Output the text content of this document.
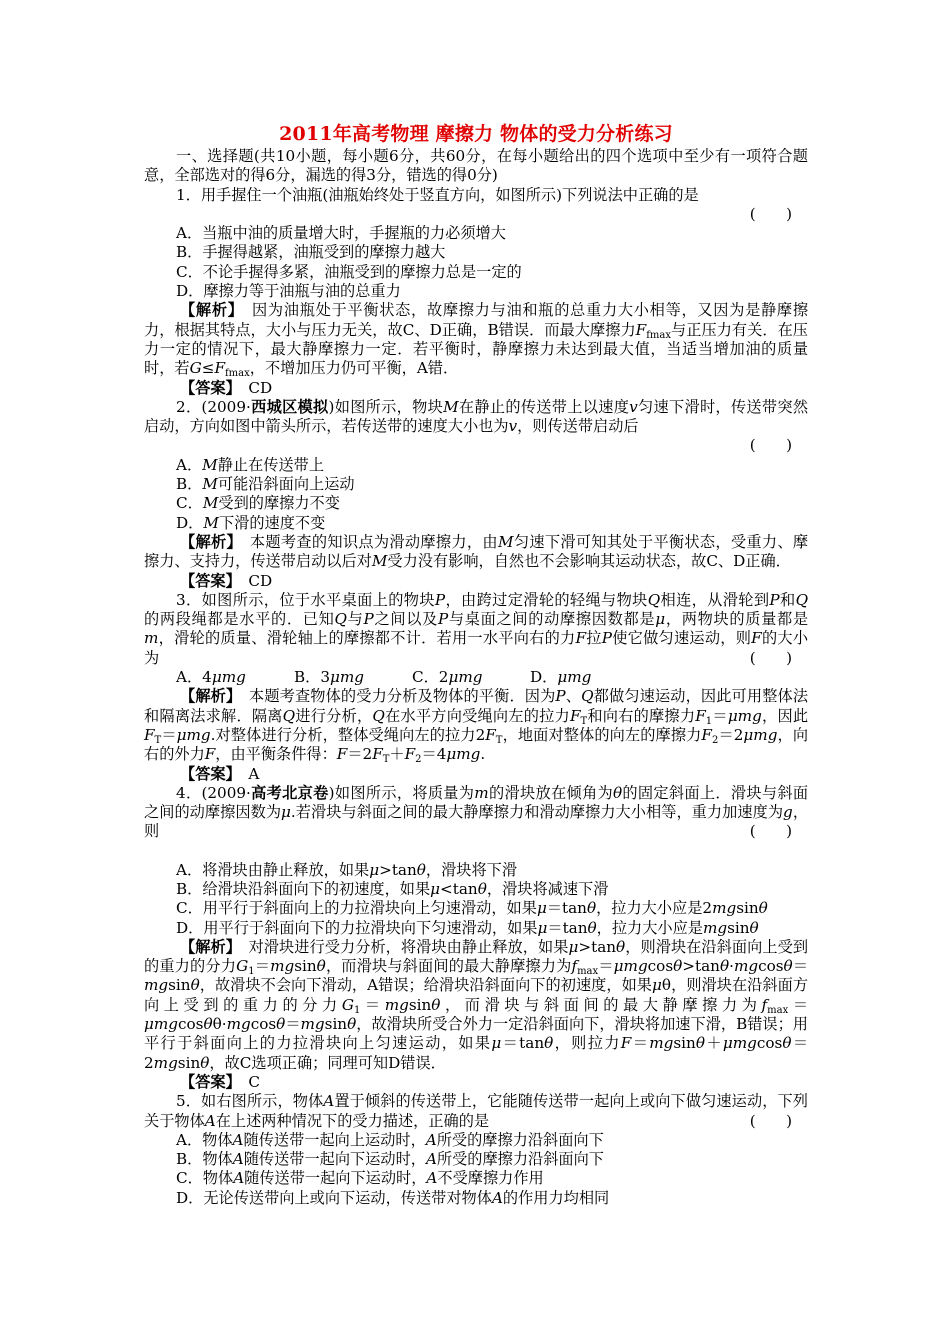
2011年高考物理 摩擦力 物体的受力分析练习

一、选择题(共10小题，每小题6分，共60分，在每小题给出的四个选项中至少有一项符合题意，全部选对的得6分，漏选的得3分，错选的得0分)

1．用手握住一个油瓶(油瓶始终处于竖直方向，如图所示)下列说法中正确的是

(　　)

A．当瓶中油的质量增大时，手握瓶的力必须增大

B．手握得越紧，油瓶受到的摩擦力越大

C．不论手握得多紧，油瓶受到的摩擦力总是一定的

D．摩擦力等于油瓶与油的总重力

【解析】　 因为油瓶处于平衡状态，故摩擦力与油和瓶的总重力大小相等，又因为是静摩擦力，根据其特点，大小与压力无关，故C、D正确，B错误．而最大摩擦力$F_{fmax}$与正压力有关．在压力一定的情况下，最大静摩擦力一定．若平衡时，静摩擦力未达到最大值，当适当增加油的质量时，若$G\le F_{fmax}$，不增加压力仍可平衡，A错．

【答案】　 CD

2．(2009·西城区模拟)如图所示，物块M在静止的传送带上以速度v匀速下滑时，传送带突然启动，方向如图中箭头所示，若传送带的速度大小也为v，则传送带启动后

(　　)

A．M静止在传送带上

B．M可能沿斜面向上运动

C．M受到的摩擦力不变

D．M下滑的速度不变

【解析】　 本题考查的知识点为滑动摩擦力，由M匀速下滑可知其处于平衡状态，受重力、摩擦力、支持力，传送带启动以后对M受力没有影响，自然也不会影响其运动状态，故C、D正确．

【答案】　 CD

3．如图所示，位于水平桌面上的物块P，由跨过定滑轮的轻绳与物块Q相连，从滑轮到P和Q的两段绳都是水平的．已知Q与P之间以及P与桌面之间的动摩擦因数都是μ，两物块的质量都是m，滑轮的质量、滑轮轴上的摩擦都不计．若用一水平向右的力F拉P使它做匀速运动，则F的大小为	(　　)

A．4μmg	B．3μmg	C．2μmg	D．μmg

【解析】　 本题考查物体的受力分析及物体的平衡．因为P、Q都做匀速运动，因此可用整体法和隔离法求解．隔离Q进行分析，Q在水平方向受绳向左的拉力$F_T$和向右的摩擦力$F_1=\mu mg$，因此$F_T=\mu mg$.对整体进行分析，整体受绳向左的拉力$2F_T$，地面对整体的向左的摩擦力$F_2=2\mu mg$，向右的外力F，由平衡条件得：$F=2F_T+F_2=4\mu mg$.

【答案】　 A

4．(2009·高考北京卷)如图所示，将质量为m的滑块放在倾角为θ的固定斜面上．滑块与斜面之间的动摩擦因数为μ.若滑块与斜面之间的最大静摩擦力和滑动摩擦力大小相等，重力加速度为g，则	(　　)

A．将滑块由静止释放，如果μ>tanθ，滑块将下滑

B．给滑块沿斜面向下的初速度，如果μ<tanθ，滑块将减速下滑

C．用平行于斜面向上的力拉滑块向上匀速滑动，如果μ＝tanθ，拉力大小应是2mgsinθ

D．用平行于斜面向下的力拉滑块向下匀速滑动，如果μ＝tanθ，拉力大小应是mgsinθ

【解析】　 对滑块进行受力分析，将滑块由静止释放，如果μ>tanθ，则滑块在沿斜面向上受到的重力的分力$G_1=mgsin\theta$，而滑块与斜面间的最大静摩擦力为$f_{max}=\mu mgcos\theta>\tan\theta\cdot mgcos\theta=mgsin\theta$，故滑块不会向下滑动，A错误；给滑块沿斜面向下的初速度，如果μθ，则滑块在沿斜面方向上受到的重力的分力$G_1=mgsin\theta$，而滑块与斜面间的最大静摩擦力为$f_{max}=\mu mgcos\theta\theta\cdot mgcos\theta=mgsin\theta$，故滑块所受合外力一定沿斜面向下，滑块将加速下滑，B错误；用平行于斜面向上的力拉滑块向上匀速运动，如果μ＝tanθ，则拉力F＝mgsinθ＋μmgcosθ＝2mgsinθ，故C选项正确；同理可知D错误．

【答案】　 C

5．如右图所示，物体A置于倾斜的传送带上，它能随传送带一起向上或向下做匀速运动，下列关于物体A在上述两种情况下的受力描述，正确的是	(　　)

A．物体A随传送带一起向上运动时，A所受的摩擦力沿斜面向下

B．物体A随传送带一起向下运动时，A所受的摩擦力沿斜面向下

C．物体A随传送带一起向下运动时，A不受摩擦力作用

D．无论传送带向上或向下运动，传送带对物体A的作用力均相同
